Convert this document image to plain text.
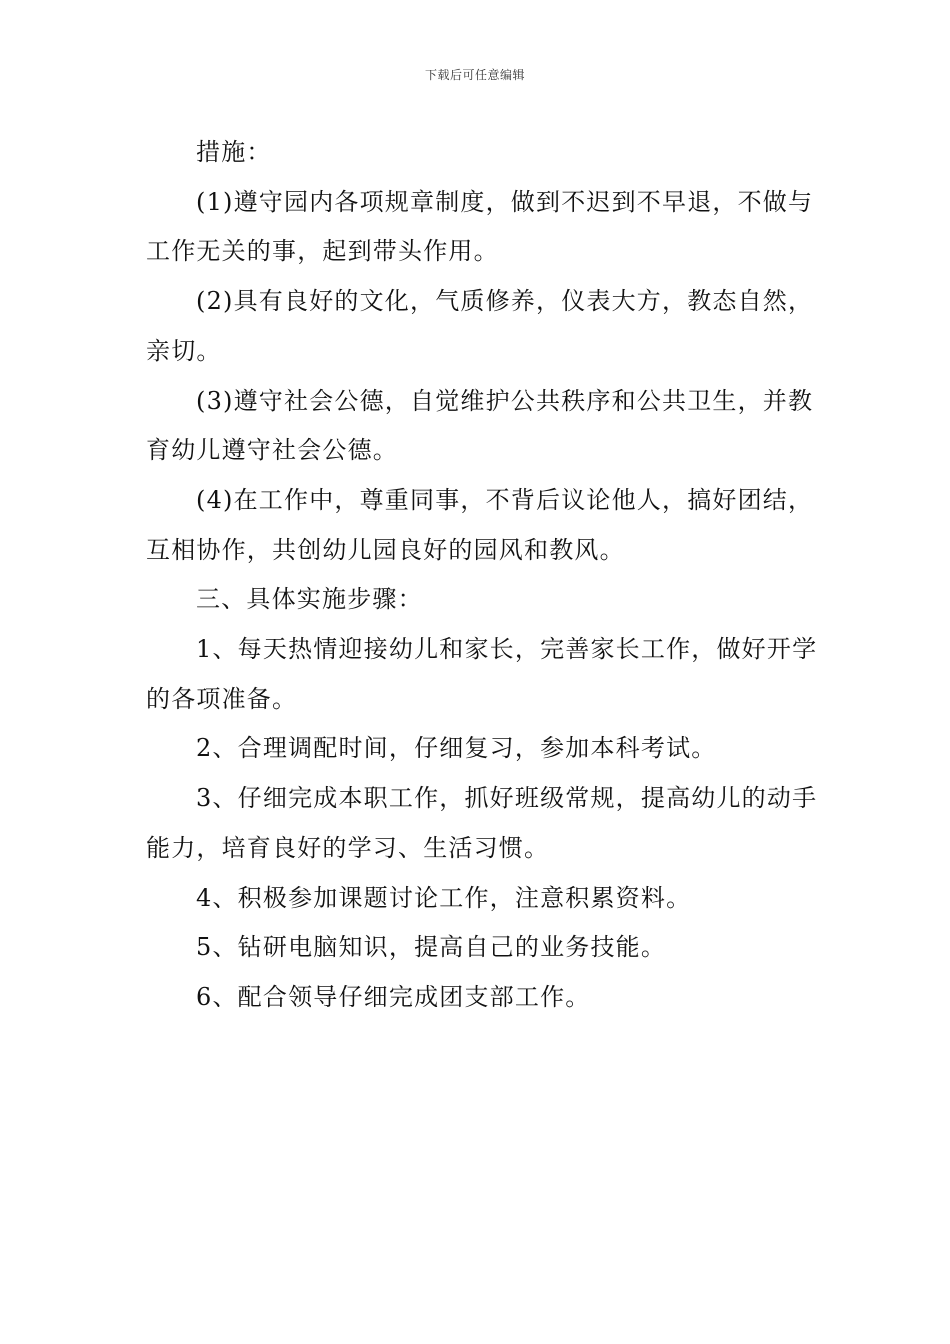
下载后可任意编辑

措施：

(1)遵守园内各项规章制度，做到不迟到不早退，不做与工作无关的事，起到带头作用。

(2)具有良好的文化，气质修养，仪表大方，教态自然，亲切。

(3)遵守社会公德，自觉维护公共秩序和公共卫生，并教育幼儿遵守社会公德。

(4)在工作中，尊重同事，不背后议论他人，搞好团结，互相协作，共创幼儿园良好的园风和教风。

三、具体实施步骤：

1、每天热情迎接幼儿和家长，完善家长工作，做好开学的各项准备。

2、合理调配时间，仔细复习，参加本科考试。

3、仔细完成本职工作，抓好班级常规，提高幼儿的动手能力，培育良好的学习、生活习惯。

4、积极参加课题讨论工作，注意积累资料。

5、钻研电脑知识，提高自己的业务技能。

6、配合领导仔细完成团支部工作。
